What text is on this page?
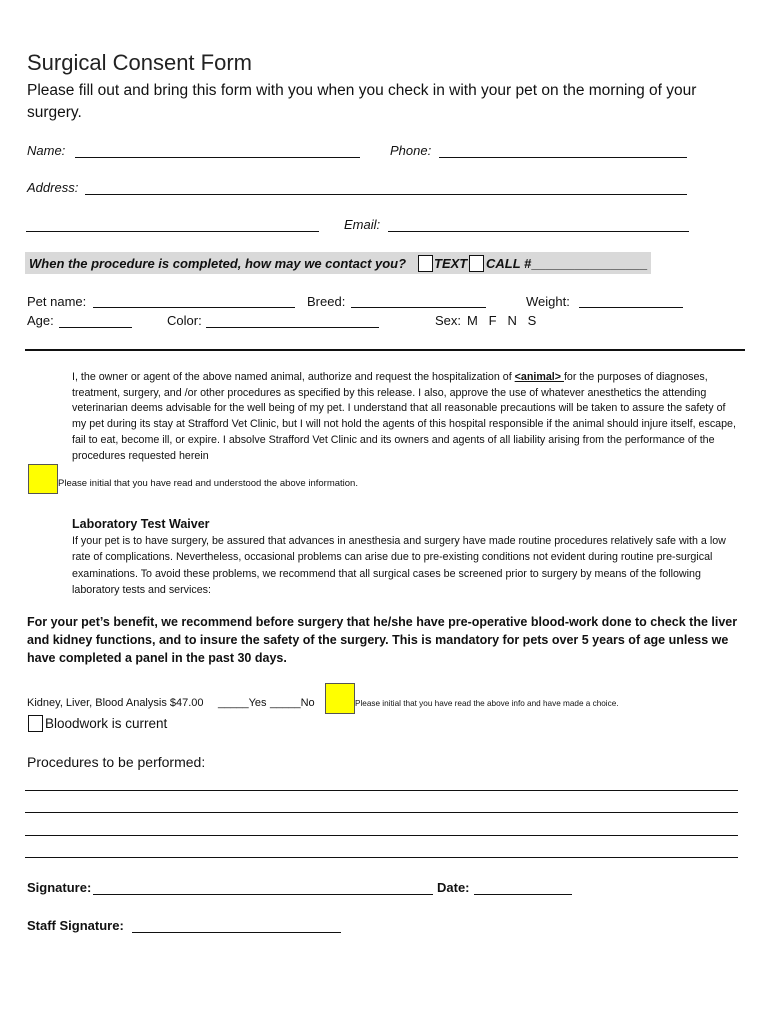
Surgical Consent Form
Please fill out and bring this form with you when you check in with your pet on the morning of your surgery.
Name:	Phone:
Address:
Email:
When the procedure is completed, how may we contact you? TEXT CALL # ________________
Pet name:	Breed:	Weight:
Age:	Color:	Sex: M   F   N   S
I, the owner or agent of the above named animal, authorize and request the hospitalization of <animal> for the purposes of diagnoses, treatment, surgery, and /or other procedures as specified by this release. I also, approve the use of whatever anesthetics the attending veterinarian deems advisable for the well being of my pet. I understand that all reasonable precautions will be taken to assure the safety of my pet during its stay at Strafford Vet Clinic, but I will not hold the agents of this hospital responsible if the animal should injure itself, escape, fail to eat, become ill, or expire. I absolve Strafford Vet Clinic and its owners and agents of all liability arising from the performance of the procedures requested herein
Please initial that you have read and understood the above information.
Laboratory Test Waiver
If your pet is to have surgery, be assured that advances in anesthesia and surgery have made routine procedures relatively safe with a low rate of complications. Nevertheless, occasional problems can arise due to pre-existing conditions not evident during routine pre-surgical examinations. To avoid these problems, we recommend that all surgical cases be screened prior to surgery by means of the following laboratory tests and services:
For your pet’s benefit, we recommend before surgery that he/she have pre-operative blood-work done to check the liver and kidney functions, and to insure the safety of the surgery. This is mandatory for pets over 5 years of age unless we have completed a panel in the past 30 days.
Kidney, Liver, Blood Analysis $47.00 _____Yes _____No	Please initial that you have read the above info and have made a choice.
Bloodwork is current
Procedures to be performed:
Signature:	Date:
Staff Signature:
